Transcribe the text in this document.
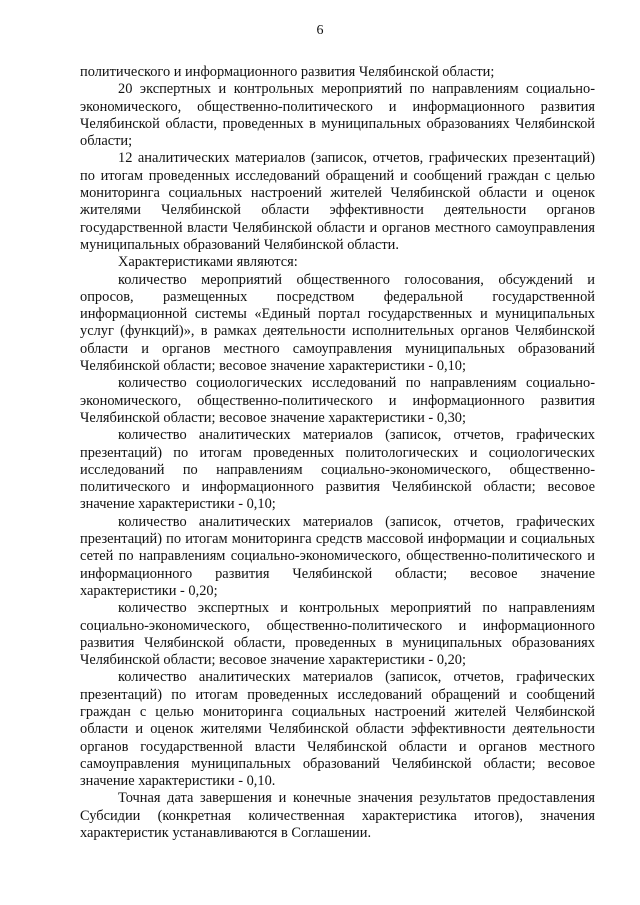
6

политического и информационного развития Челябинской области;

20 экспертных и контрольных мероприятий по направлениям социально-экономического, общественно-политического и информационного развития Челябинской области, проведенных в муниципальных образованиях Челябинской области;

12 аналитических материалов (записок, отчетов, графических презентаций) по итогам проведенных исследований обращений и сообщений граждан с целью мониторинга социальных настроений жителей Челябинской области и оценок жителями Челябинской области эффективности деятельности органов государственной власти Челябинской области и органов местного самоуправления муниципальных образований Челябинской области.

Характеристиками являются:

количество мероприятий общественного голосования, обсуждений и опросов, размещенных посредством федеральной государственной информационной системы «Единый портал государственных и муниципальных услуг (функций)», в рамках деятельности исполнительных органов Челябинской области и органов местного самоуправления муниципальных образований Челябинской области; весовое значение характеристики - 0,10;

количество социологических исследований по направлениям социально-экономического, общественно-политического и информационного развития Челябинской области; весовое значение характеристики - 0,30;

количество аналитических материалов (записок, отчетов, графических презентаций) по итогам проведенных политологических и социологических исследований по направлениям социально-экономического, общественно-политического и информационного развития Челябинской области; весовое значение характеристики - 0,10;

количество аналитических материалов (записок, отчетов, графических презентаций) по итогам мониторинга средств массовой информации и социальных сетей по направлениям социально-экономического, общественно-политического и информационного развития Челябинской области; весовое значение характеристики - 0,20;

количество экспертных и контрольных мероприятий по направлениям социально-экономического, общественно-политического и информационного развития Челябинской области, проведенных в муниципальных образованиях Челябинской области; весовое значение характеристики - 0,20;

количество аналитических материалов (записок, отчетов, графических презентаций) по итогам проведенных исследований обращений и сообщений граждан с целью мониторинга социальных настроений жителей Челябинской области и оценок жителями Челябинской области эффективности деятельности органов государственной власти Челябинской области и органов местного самоуправления муниципальных образований Челябинской области; весовое значение характеристики - 0,10.

Точная дата завершения и конечные значения результатов предоставления Субсидии (конкретная количественная характеристика итогов), значения характеристик устанавливаются в Соглашении.
